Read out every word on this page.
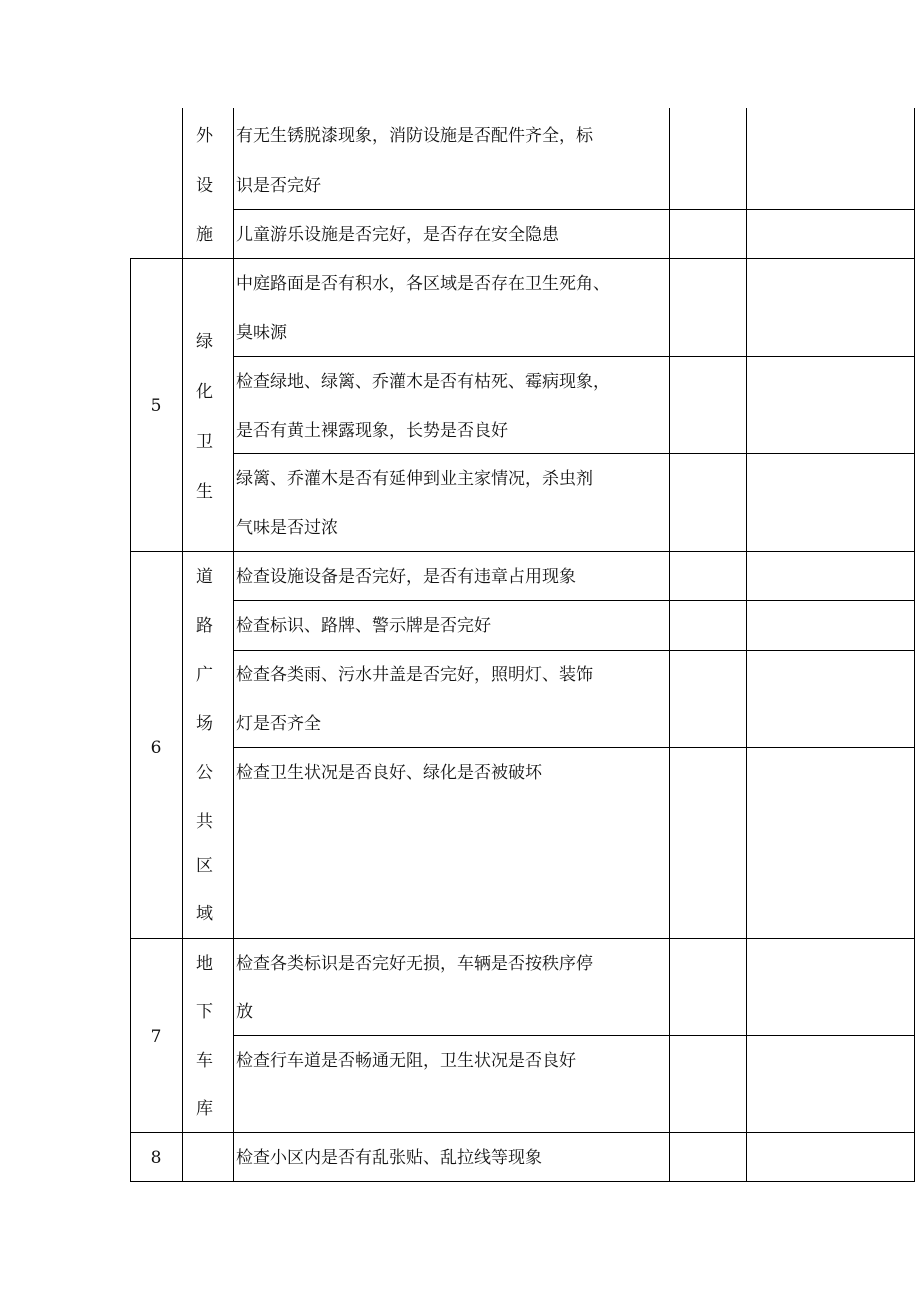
外
设
施
有无生锈脱漆现象，消防设施是否配件齐全，标
识是否完好
儿童游乐设施是否完好，是否存在安全隐患
5
绿
化
卫
生
中庭路面是否有积水，各区域是否存在卫生死角、
臭味源
检查绿地、绿篱、乔灌木是否有枯死、霉病现象，
是否有黄土裸露现象，长势是否良好
绿篱、乔灌木是否有延伸到业主家情况，杀虫剂
气味是否过浓
6
道
路
广
场
公
共
区
域
检查设施设备是否完好，是否有违章占用现象
检查标识、路牌、警示牌是否完好
检查各类雨、污水井盖是否完好，照明灯、装饰
灯是否齐全
检查卫生状况是否良好、绿化是否被破坏
7
地
下
车
库
检查各类标识是否完好无损，车辆是否按秩序停
放
检查行车道是否畅通无阻，卫生状况是否良好
8	检查小区内是否有乱张贴、乱拉线等现象
